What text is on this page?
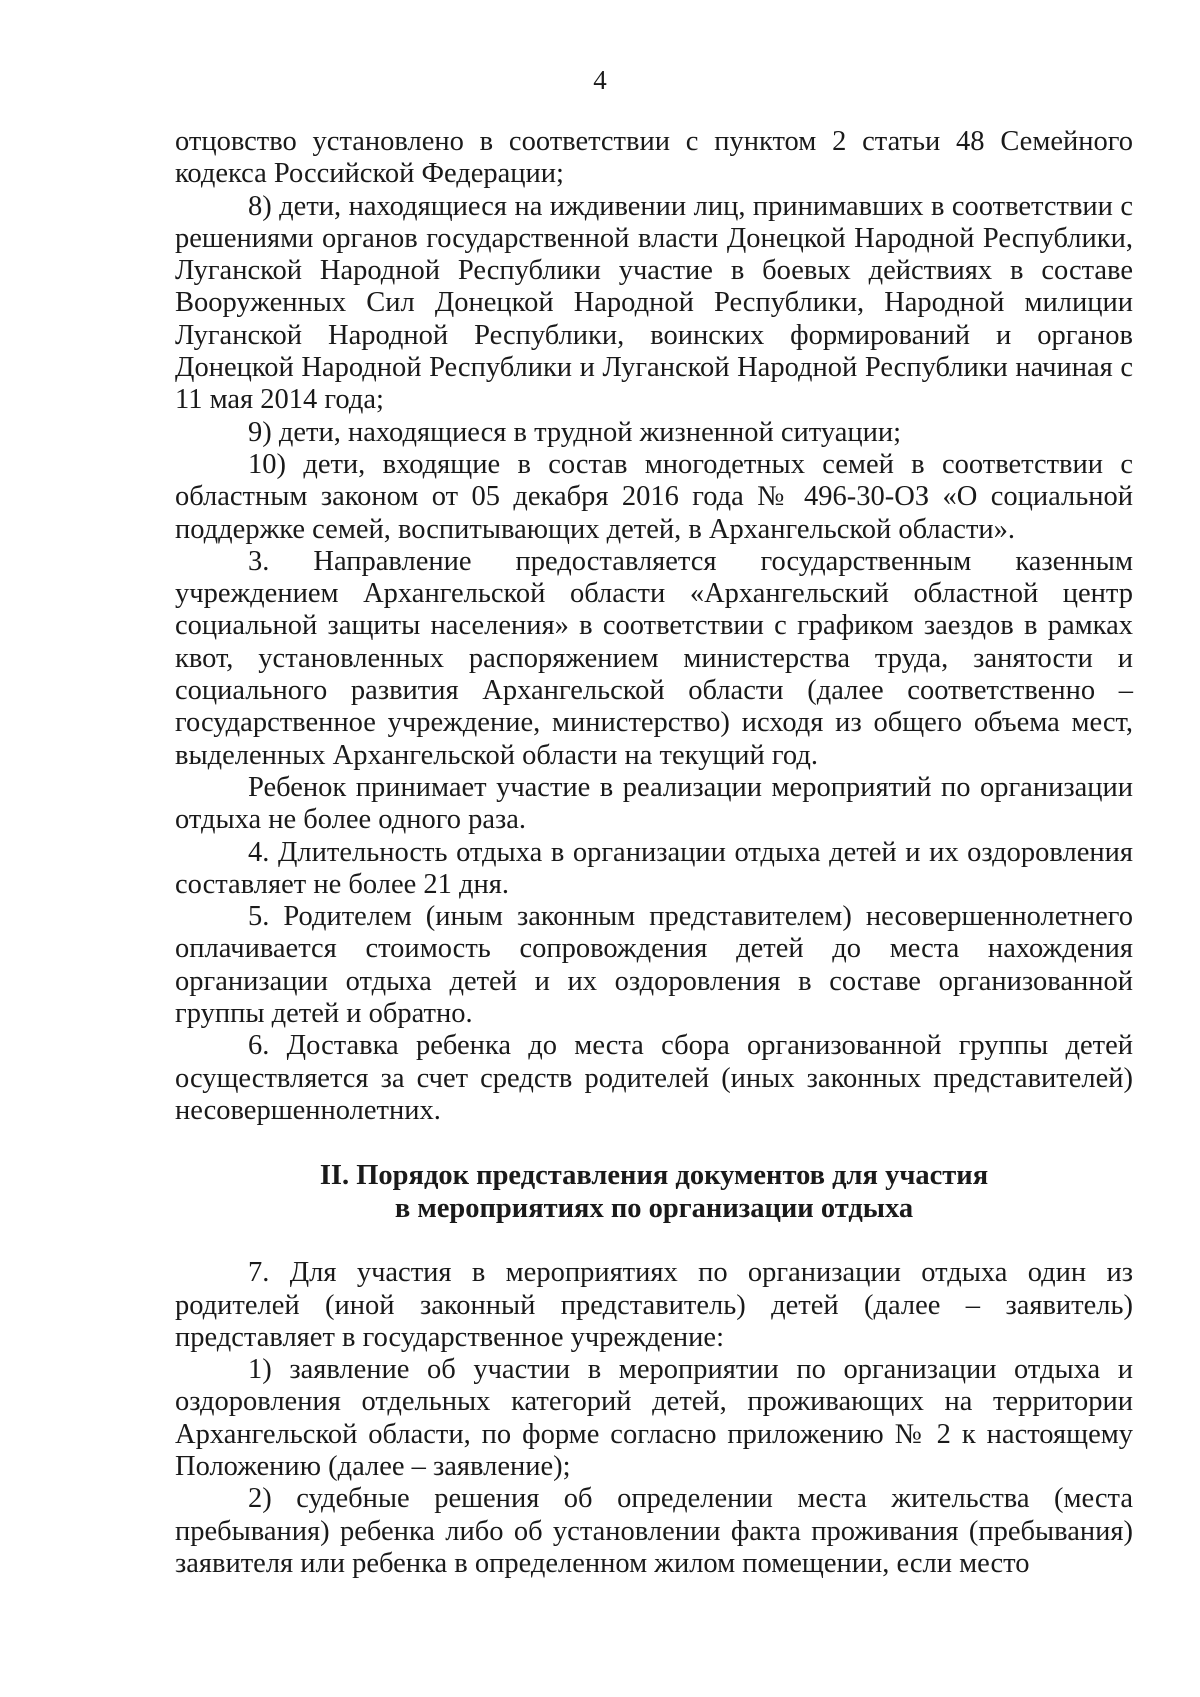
4

отцовство установлено в соответствии с пунктом 2 статьи 48 Семейного кодекса Российской Федерации;

8) дети, находящиеся на иждивении лиц, принимавших в соответствии с решениями органов государственной власти Донецкой Народной Республики, Луганской Народной Республики участие в боевых действиях в составе Вооруженных Сил Донецкой Народной Республики, Народной милиции Луганской Народной Республики, воинских формирований и органов Донецкой Народной Республики и Луганской Народной Республики начиная с 11 мая 2014 года;

9) дети, находящиеся в трудной жизненной ситуации;

10) дети, входящие в состав многодетных семей в соответствии с областным законом от 05 декабря 2016 года № 496-30-ОЗ «О социальной поддержке семей, воспитывающих детей, в Архангельской области».

3. Направление предоставляется государственным казенным учреждением Архангельской области «Архангельский областной центр социальной защиты населения» в соответствии с графиком заездов в рамках квот, установленных распоряжением министерства труда, занятости и социального развития Архангельской области (далее соответственно – государственное учреждение, министерство) исходя из общего объема мест, выделенных Архангельской области на текущий год.

Ребенок принимает участие в реализации мероприятий по организации отдыха не более одного раза.

4. Длительность отдыха в организации отдыха детей и их оздоровления составляет не более 21 дня.

5. Родителем (иным законным представителем) несовершеннолетнего оплачивается стоимость сопровождения детей до места нахождения организации отдыха детей и их оздоровления в составе организованной группы детей и обратно.

6. Доставка ребенка до места сбора организованной группы детей осуществляется за счет средств родителей (иных законных представителей) несовершеннолетних.

II. Порядок представления документов для участия
в мероприятиях по организации отдыха

7. Для участия в мероприятиях по организации отдыха один из родителей (иной законный представитель) детей (далее – заявитель) представляет в государственное учреждение:

1) заявление об участии в мероприятии по организации отдыха и оздоровления отдельных категорий детей, проживающих на территории Архангельской области, по форме согласно приложению № 2 к настоящему Положению (далее – заявление);

2) судебные решения об определении места жительства (места пребывания) ребенка либо об установлении факта проживания (пребывания) заявителя или ребенка в определенном жилом помещении, если место
